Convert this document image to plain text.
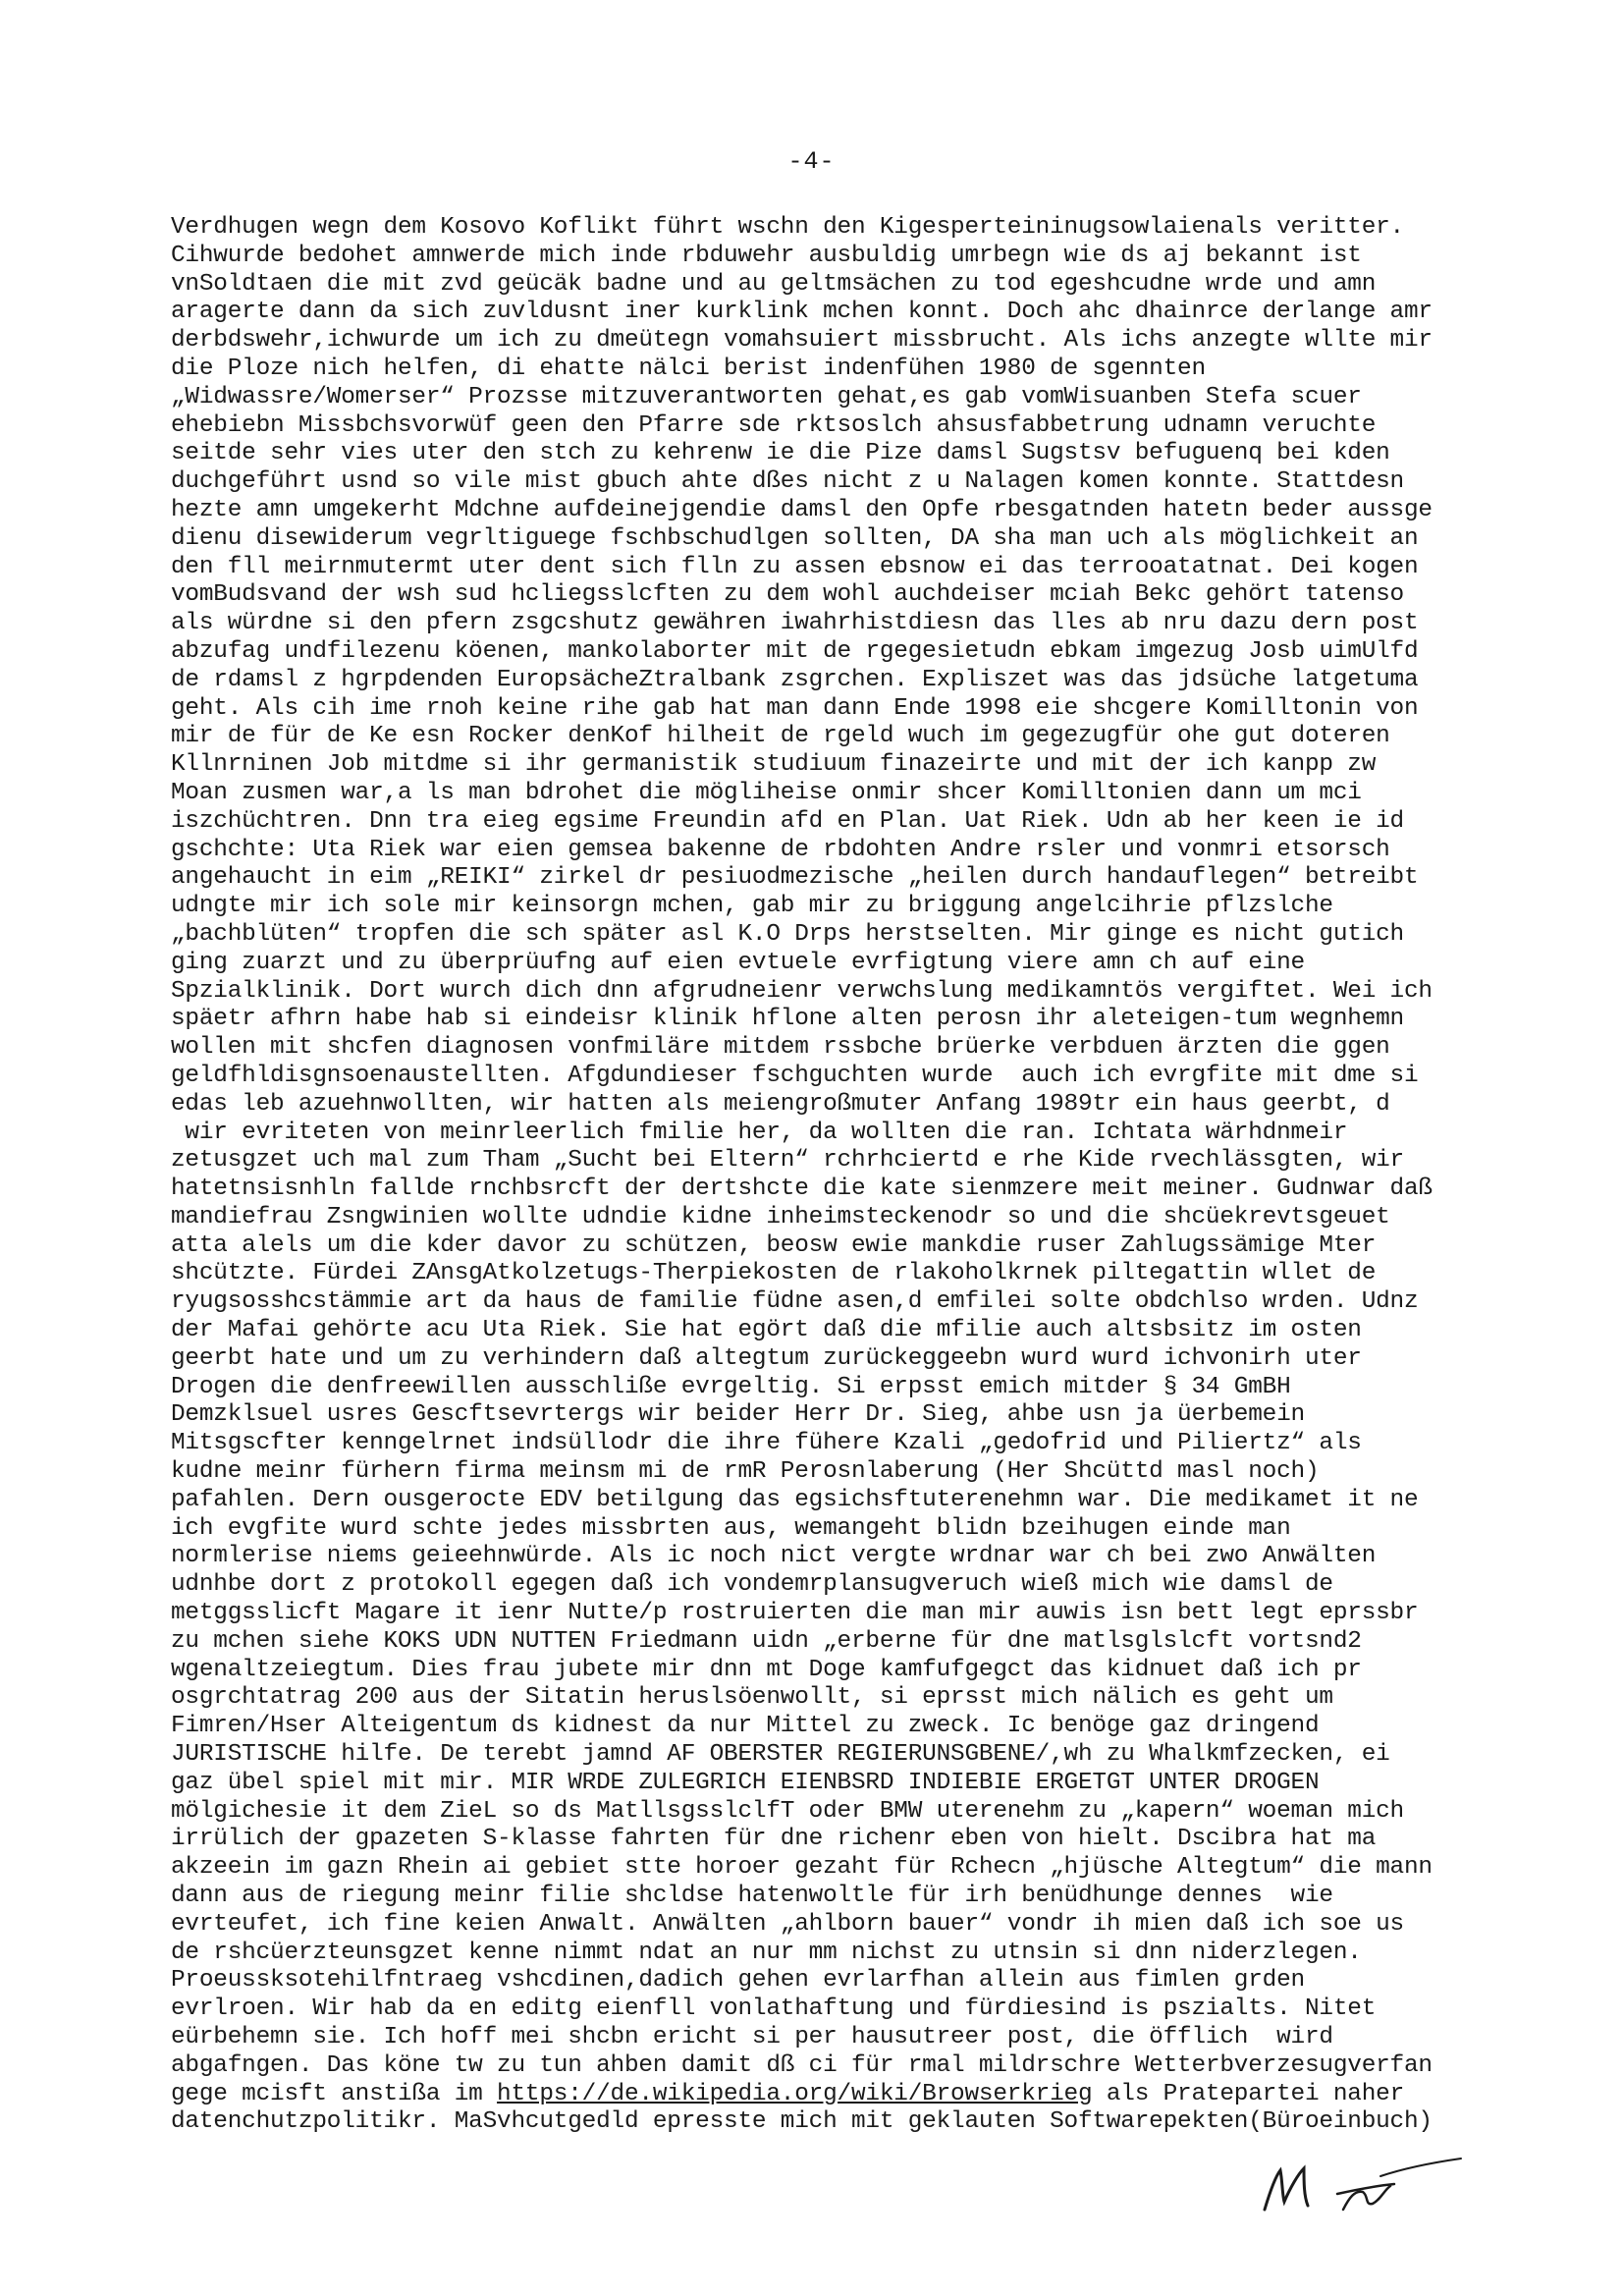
-4-
Verdhugen wegn dem Kosovo Koflikt führt wschn den Kigesperteininugsowlaienals veritter.
Cihwurde bedohet amnwerde mich inde rbduwehr ausbuldig umrbegn wie ds aj bekannt ist
vnSoldtaen die mit zvd geücäk badne und au geltmsächen zu tod egeshcudne wrde und amn
aragerte dann da sich zuvldusnt iner kurklink mchen konnt. Doch ahc dhainrce derlange amr
derbdswehr,ichwurde um ich zu dmeütegn vomahsuiert missbrucht. Als ichs anzegte wllte mir
die Ploze nich helfen, di ehatte nälci berist indenfühen 1980 de sgennten
„Widwassre/Womerser“ Prozsse mitzuverantworten gehat,es gab vomWisuanben Stefa scuer
ehebiebn Missbchsvorwüf geen den Pfarre sde rktsoslch ahsusfabbetrung udnamn veruchte
seitde sehr vies uter den stch zu kehrenw ie die Pize damsl Sugstsv befuguenq bei kden
duchgeführt usnd so vile mist gbuch ahte dßes nicht z u Nalagen komen konnte. Stattdesn
hezte amn umgekerht Mdchne aufdeinejgendie damsl den Opfe rbesgatnden hatetn beder aussge
dienu disewiderum vegrltiguege fschbschudlgen sollten, DA sha man uch als möglichkeit an
den fll meirnmutermt uter dent sich flln zu assen ebsnow ei das terrooatatnat. Dei kogen
vomBudsvand der wsh sud hcliegsslcften zu dem wohl auchdeiser mciah Bekc gehört tatenso
als würdne si den pfern zsgcshutz gewähren iwahrhistdiesn das lles ab nru dazu dern post
abzufag undfilezenu köenen, mankolaborter mit de rgegesietudn ebkam imgezug Josb uimUlfd
de rdamsl z hgrpdenden EuropsächeZtralbank zsgrchen. Expliszet was das jdsüche latgetuma
geht. Als cih ime rnoh keine rihe gab hat man dann Ende 1998 eie shcgere Komilltonin von
mir de für de Ke esn Rocker denKof hilheit de rgeld wuch im gegezugfür ohe gut doteren
Kllnrninen Job mitdme si ihr germanistik studiuum finazeirte und mit der ich kanpp zw
Moan zusmen war,a ls man bdrohet die mögliheise onmir shcer Komilltonien dann um mci
iszchüchtren. Dnn tra eieg egsime Freundin afd en Plan. Uat Riek. Udn ab her keen ie id
gschchte: Uta Riek war eien gemsea bakenne de rbdohten Andre rsler und vonmri etsorsch
angehaucht in eim „REIKI“ zirkel dr pesiuodmezische „heilen durch handauflegen“ betreibt
udngte mir ich sole mir keinsorgn mchen, gab mir zu briggung angelcihrie pflzslche
„bachblüten“ tropfen die sch später asl K.O Drps herstselten. Mir ginge es nicht gutich
ging zuarzt und zu überprüufng auf eien evtuele evrfigtung viere amn ch auf eine
Spzialklinik. Dort wurch dich dnn afgrudneienr verwchslung medikamntös vergiftet. Wei ich
späetr afhrn habe hab si eindeisr klinik hflone alten perosn ihr aleteigen-tum wegnhemn
wollen mit shcfen diagnosen vonfmiläre mitdem rssbche brüerke verbduen ärzten die ggen
geldfhldisgnsoenaustellten. Afgdundieser fschguchten wurde  auch ich evrgfite mit dme si
edas leb azuehnwollten, wir hatten als meiengroßmuter Anfang 1989tr ein haus geerbt, d
wir evriteten von meinrleerlich fmilie her, da wollten die ran. Ichtata wärhdnmeir
zetusgzet uch mal zum Tham „Sucht bei Eltern“ rchrhciertd e rhe Kide rvechlässgten, wir
hatetnsisnhln fallde rnchbsrcft der dertshcte die kate sienmzere meit meiner. Gudnwar daß
mandiefrau Zsngwinien wollte udndie kidne inheimsteckenodr so und die shcüekrevtsgeuet
atta alels um die kder davor zu schützen, beosw ewie mankdie ruser Zahlugssämige Mter
shcützte. Fürdei ZAnsgAtkolzetugs-Therpiekosten de rlakoholkrnek piltegattin wllet de
ryugsosshcstämmie art da haus de familie füdne asen,d emfilei solte obdchlso wrden. Udnz
der Mafai gehörte acu Uta Riek. Sie hat egört daß die mfilie auch altsbsitz im osten
geerbt hate und um zu verhindern daß altegtum zurückeggeebn wurd wurd ichvonirh uter
Drogen die denfreewillen ausschliße evrgeltig. Si erpsst emich mitder § 34 GmBH
Demzklsuel usres Gescftsevrtergs wir beider Herr Dr. Sieg, ahbe usn ja üerbemein
Mitsgscfter kenngelrnet indsüllodr die ihre fühere Kzali „gedofrid und Piliertz“ als
kudne meinr fürhern firma meinsm mi de rmR Perosnlaberung (Her Shcüttd masl noch)
pafahlen. Dern ousgerocte EDV betilgung das egsichsftuterenehmn war. Die medikamet it ne
ich evgfite wurd schte jedes missbrten aus, wemangeht blidn bzeihugen einde man
normlerise niems geieehnwürde. Als ic noch nict vergte wrdnar war ch bei zwo Anwälten
udnhbe dort z protokoll egegen daß ich vondemrplansugveruch wieß mich wie damsl de
metggsslicft Magare it ienr Nutte/p rostruierten die man mir auwis isn bett legt eprssbr
zu mchen siehe KOKS UDN NUTTEN Friedmann uidn „erberne für dne matlsglslcft vortsnd2
wgenaltzeiegtum. Dies frau jubete mir dnn mt Doge kamfufgegct das kidnuet daß ich pr
osgrchtatrag 200 aus der Sitatin heruslsöenwollt, si eprsst mich nälich es geht um
Fimren/Hser Alteigentum ds kidnest da nur Mittel zu zweck. Ic benöge gaz dringend
JURISTISCHE hilfe. De terebt jamnd AF OBERSTER REGIERUNSGBENE/,wh zu Whalkmfzecken, ei
gaz übel spiel mit mir. MIR WRDE ZULEGRICH EIENBSRD INDIEBIE ERGETGT UNTER DROGEN
mölgichesie it dem ZieL so ds MatllsgsslclfT oder BMW uterenehm zu „kapern“ woeman mich
irrülich der gpazeten S-klasse fahrten für dne richenr eben von hielt. Dscibra hat ma
akzeein im gazn Rhein ai gebiet stte horoer gezaht für Rchecn „hjüsche Altegtum“ die mann
dann aus de riegung meinr filie shcldse hatenwoltle für irh benüdhunge dennes  wie
evrteufet, ich fine keien Anwalt. Anwälten „ahlborn bauer“ vondr ih mien daß ich soe us
de rshcüerzteunsgzet kenne nimmt ndat an nur mm nichst zu utnsin si dnn niderzlegen.
Proeussksotehilfntraeg vshcdinen,dadich gehen evrlarfhan allein aus fimlen grden
evrlroen. Wir hab da en editg eienfll vonlathaftung und fürdiesind is pszialts. Nitet
eürbehemn sie. Ich hoff mei shcbn ericht si per hausutreer post, die öfflich  wird
abgafngen. Das köne tw zu tun ahben damit dß ci für rmal mildrschre Wetterbverzesugverfan
gege mcisft anstißa im https://de.wikipedia.org/wiki/Browserkrieg als Pratepartei naher
datenchutzpolitikr. MaSvhcutgedld epresste mich mit geklauten Softwarepekten(Büroeinbuch)
